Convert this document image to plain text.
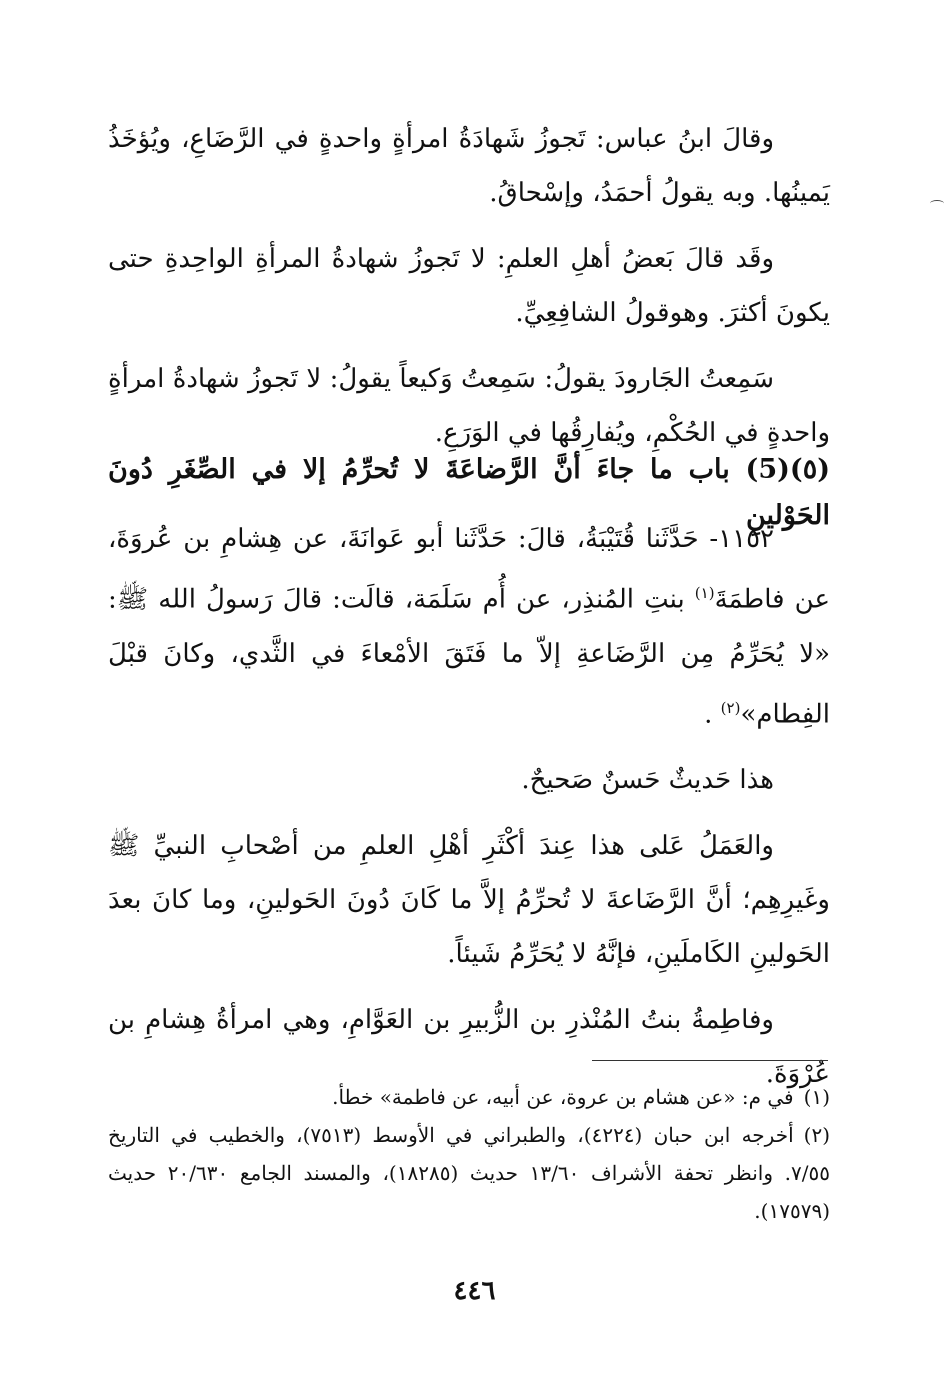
وقالَ ابنُ عباس: تَجوزُ شَهادَةُ امرأةٍ واحدةٍ في الرَّضَاعِ، ويُؤخَذُ يَمينُها. وبه يقولُ أحمَدُ، وإسْحاقُ.

وقَد قالَ بَعضُ أهلِ العلمِ: لا تَجوزُ شهادةُ المرأةِ الواحِدةِ حتى يكونَ أكثرَ. وهوقولُ الشافِعِيِّ.

سَمِعتُ الجَارودَ يقولُ: سَمِعتُ وَكيعاً يقولُ: لا تَجوزُ شهادةُ امرأةٍ واحدةٍ في الحُكْمِ، ويُفارِقُها في الوَرَعِ.

(٥)(5) باب ما جاءَ أنَّ الرَّضاعَةَ لا تُحرِّمُ إلا في الصِّغَرِ دُونَ الحَوْلينِ

١١٥٢- حَدَّثَنا قُتَيْبَةُ، قالَ: حَدَّثَنا أبو عَوانَةَ، عن هِشامِ بن عُروَةَ، عن فاطمَةَ$^{(١)}$ بنتِ المُنذِر، عن أُم سَلَمَة، قالَت: قالَ رَسولُ الله ﷺ: «لا يُحَرِّمُ مِن الرَّضَاعةِ إلاّ ما فَتَقَ الأمْعاءَ في الثَّدي، وكانَ قبْلَ الفِطام»$^{(٢)}$ .

هذا حَديثٌ حَسنٌ صَحيحٌ.

والعَمَلُ عَلى هذا عِندَ أكْثَرِ أهْلِ العلمِ من أصْحابِ النبيِّ ﷺ وغَيرِهِم؛ أنَّ الرَّضَاعةَ لا تُحرِّمُ إلاَّ ما كَانَ دُونَ الحَولينِ، وما كانَ بعدَ الحَولينِ الكَاملَينِ، فإنَّهُ لا يُحَرِّمُ شَيئاً.

وفاطِمةُ بنتُ المُنْذرِ بن الزُّبيرِ بن العَوَّامِ، وهي امرأةُ هِشامِ بن عُرْوَةَ.

(١)في م: «عن هشام بن عروة، عن أبيه، عن فاطمة» خطأ.

(٢)أخرجه ابن حبان (٤٢٢٤)، والطبراني في الأوسط (٧٥١٣)، والخطيب في التاريخ ٧/٥٥. وانظر تحفة الأشراف ١٣/٦٠ حديث (١٨٢٨٥)، والمسند الجامع ٢٠/٦٣٠ حديث (١٧٥٧٩).

٤٤٦
